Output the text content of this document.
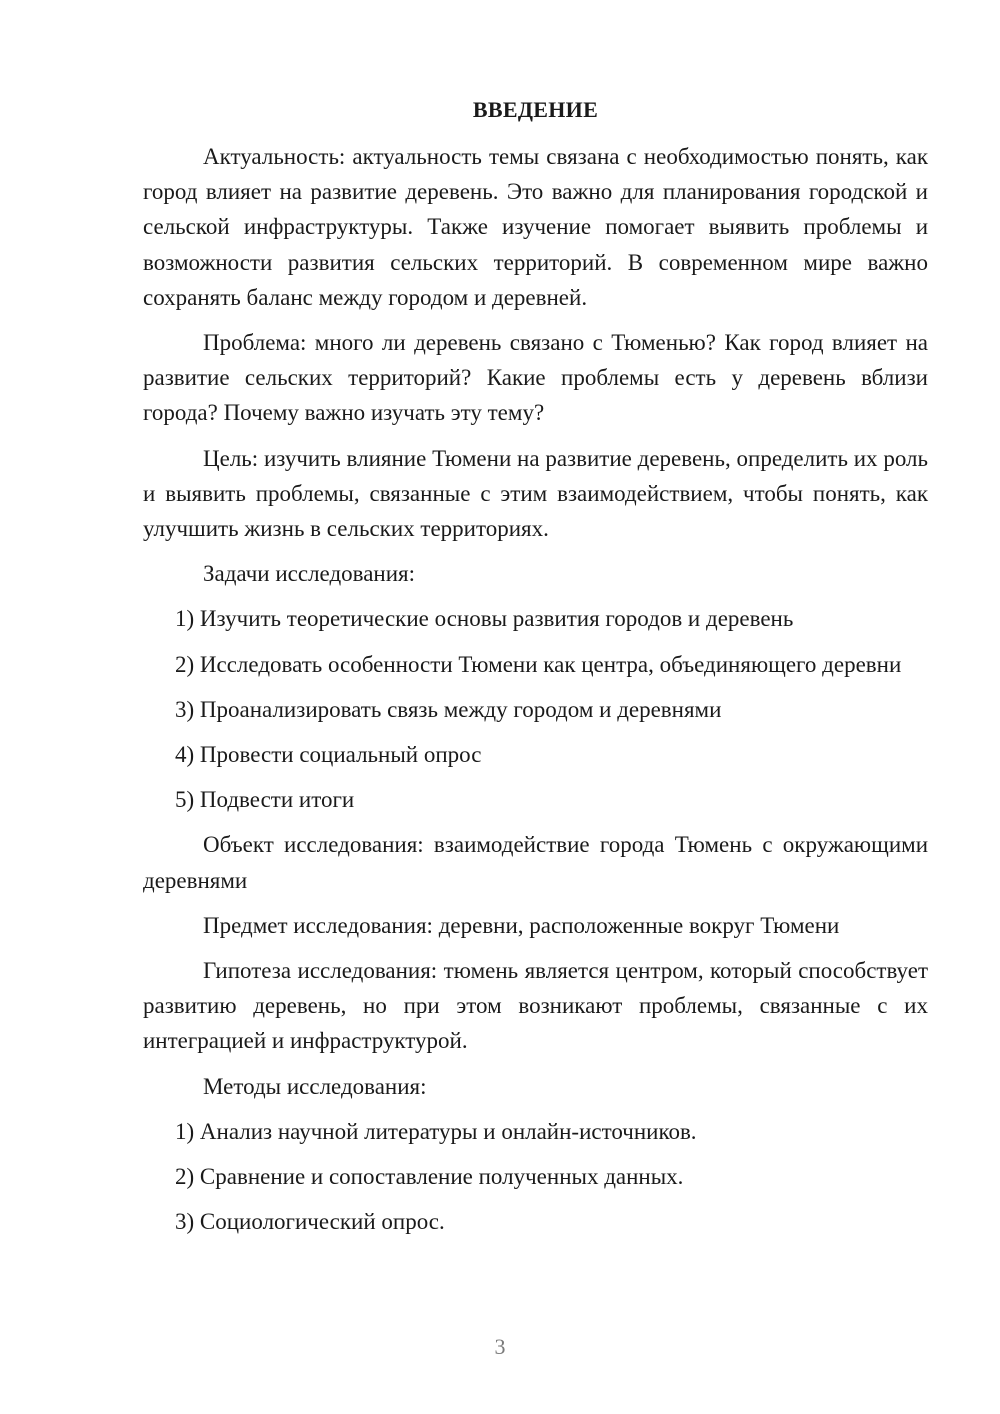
ВВЕДЕНИЕ

Актуальность: актуальность темы связана с необходимостью понять, как город влияет на развитие деревень. Это важно для планирования городской и сельской инфраструктуры. Также изучение помогает выявить проблемы и возможности развития сельских территорий. В современном мире важно сохранять баланс между городом и деревней.

Проблема: много ли деревень связано с Тюменью? Как город влияет на развитие сельских территорий? Какие проблемы есть у деревень вблизи города? Почему важно изучать эту тему?

Цель: изучить влияние Тюмени на развитие деревень, определить их роль и выявить проблемы, связанные с этим взаимодействием, чтобы понять, как улучшить жизнь в сельских территориях.

Задачи исследования:

1) Изучить теоретические основы развития городов и деревень

2) Исследовать особенности Тюмени как центра, объединяющего деревни

3) Проанализировать связь между городом и деревнями

4) Провести социальный опрос

5) Подвести итоги

Объект исследования: взаимодействие города Тюмень с окружающими деревнями

Предмет исследования: деревни, расположенные вокруг Тюмени

Гипотеза исследования: тюмень является центром, который способствует развитию деревень, но при этом возникают проблемы, связанные с их интеграцией и инфраструктурой.

Методы исследования:

1) Анализ научной литературы и онлайн-источников.

2) Сравнение и сопоставление полученных данных.

3) Социологический опрос.

3
